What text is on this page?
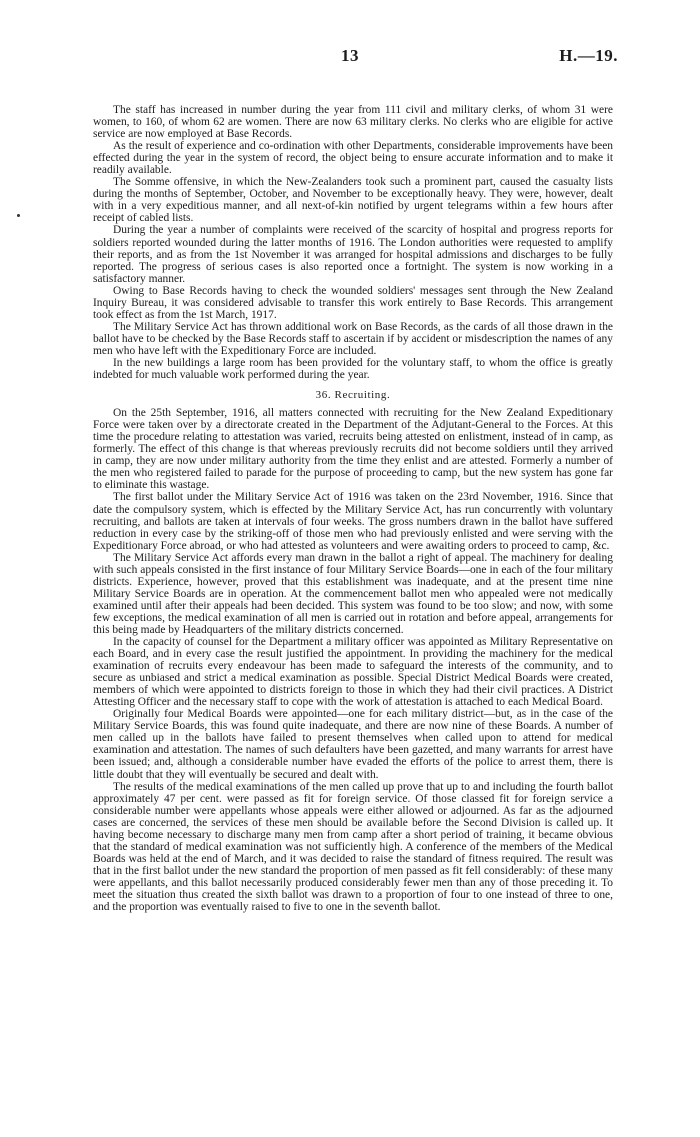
13	H.—19.

The staff has increased in number during the year from 111 civil and military clerks, of whom 31 were women, to 160, of whom 62 are women. There are now 63 military clerks. No clerks who are eligible for active service are now employed at Base Records.

As the result of experience and co-ordination with other Departments, considerable improvements have been effected during the year in the system of record, the object being to ensure accurate information and to make it readily available.

The Somme offensive, in which the New-Zealanders took such a prominent part, caused the casualty lists during the months of September, October, and November to be exceptionally heavy. They were, however, dealt with in a very expeditious manner, and all next-of-kin notified by urgent telegrams within a few hours after receipt of cabled lists.

During the year a number of complaints were received of the scarcity of hospital and progress reports for soldiers reported wounded during the latter months of 1916. The London authorities were requested to amplify their reports, and as from the 1st November it was arranged for hospital admissions and discharges to be fully reported. The progress of serious cases is also reported once a fortnight. The system is now working in a satisfactory manner.

Owing to Base Records having to check the wounded soldiers' messages sent through the New Zealand Inquiry Bureau, it was considered advisable to transfer this work entirely to Base Records. This arrangement took effect as from the 1st March, 1917.

The Military Service Act has thrown additional work on Base Records, as the cards of all those drawn in the ballot have to be checked by the Base Records staff to ascertain if by accident or misdescription the names of any men who have left with the Expeditionary Force are included.

In the new buildings a large room has been provided for the voluntary staff, to whom the office is greatly indebted for much valuable work performed during the year.

36. Recruiting.

On the 25th September, 1916, all matters connected with recruiting for the New Zealand Expeditionary Force were taken over by a directorate created in the Department of the Adjutant-General to the Forces. At this time the procedure relating to attestation was varied, recruits being attested on enlistment, instead of in camp, as formerly. The effect of this change is that whereas previously recruits did not become soldiers until they arrived in camp, they are now under military authority from the time they enlist and are attested. Formerly a number of the men who registered failed to parade for the purpose of proceeding to camp, but the new system has gone far to eliminate this wastage.

The first ballot under the Military Service Act of 1916 was taken on the 23rd November, 1916. Since that date the compulsory system, which is effected by the Military Service Act, has run concurrently with voluntary recruiting, and ballots are taken at intervals of four weeks. The gross numbers drawn in the ballot have suffered reduction in every case by the striking-off of those men who had previously enlisted and were serving with the Expeditionary Force abroad, or who had attested as volunteers and were awaiting orders to proceed to camp, &c.

The Military Service Act affords every man drawn in the ballot a right of appeal. The machinery for dealing with such appeals consisted in the first instance of four Military Service Boards—one in each of the four military districts. Experience, however, proved that this establishment was inadequate, and at the present time nine Military Service Boards are in operation. At the commencement ballot men who appealed were not medically examined until after their appeals had been decided. This system was found to be too slow; and now, with some few exceptions, the medical examination of all men is carried out in rotation and before appeal, arrangements for this being made by Headquarters of the military districts concerned.

In the capacity of counsel for the Department a military officer was appointed as Military Representative on each Board, and in every case the result justified the appointment. In providing the machinery for the medical examination of recruits every endeavour has been made to safeguard the interests of the community, and to secure as unbiased and strict a medical examination as possible. Special District Medical Boards were created, members of which were appointed to districts foreign to those in which they had their civil practices. A District Attesting Officer and the necessary staff to cope with the work of attestation is attached to each Medical Board.

Originally four Medical Boards were appointed—one for each military district—but, as in the case of the Military Service Boards, this was found quite inadequate, and there are now nine of these Boards. A number of men called up in the ballots have failed to present themselves when called upon to attend for medical examination and attestation. The names of such defaulters have been gazetted, and many warrants for arrest have been issued; and, although a considerable number have evaded the efforts of the police to arrest them, there is little doubt that they will eventually be secured and dealt with.

The results of the medical examinations of the men called up prove that up to and including the fourth ballot approximately 47 per cent. were passed as fit for foreign service. Of those classed fit for foreign service a considerable number were appellants whose appeals were either allowed or adjourned. As far as the adjourned cases are concerned, the services of these men should be available before the Second Division is called up. It having become necessary to discharge many men from camp after a short period of training, it became obvious that the standard of medical examination was not sufficiently high. A conference of the members of the Medical Boards was held at the end of March, and it was decided to raise the standard of fitness required. The result was that in the first ballot under the new standard the proportion of men passed as fit fell considerably: of these many were appellants, and this ballot necessarily produced considerably fewer men than any of those preceding it. To meet the situation thus created the sixth ballot was drawn to a proportion of four to one instead of three to one, and the proportion was eventually raised to five to one in the seventh ballot.
